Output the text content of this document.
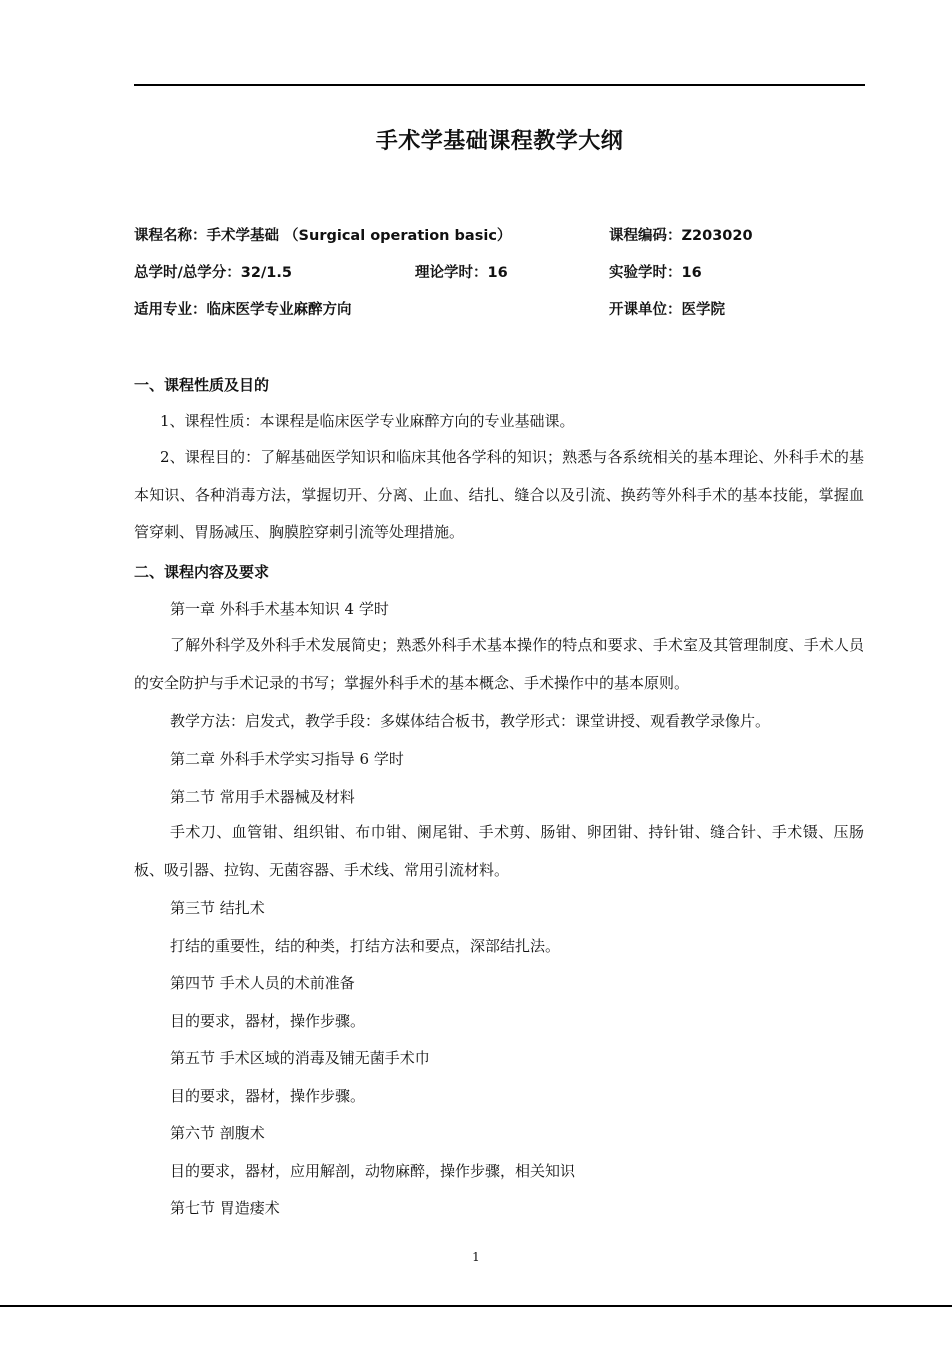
手术学基础课程教学大纲
课程名称：手术学基础 （Surgical operation basic）	课程编码：Z203020
总学时/总学分：32/1.5	理论学时：16	实验学时：16
适用专业：临床医学专业麻醉方向	开课单位：医学院
一、课程性质及目的
1、课程性质：本课程是临床医学专业麻醉方向的专业基础课。
2、课程目的：了解基础医学知识和临床其他各学科的知识；熟悉与各系统相关的基本理论、外科手术的基本知识、各种消毒方法，掌握切开、分离、止血、结扎、缝合以及引流、换药等外科手术的基本技能，掌握血管穿刺、胃肠减压、胸膜腔穿刺引流等处理措施。
二、课程内容及要求
第一章 外科手术基本知识 4 学时
了解外科学及外科手术发展简史；熟悉外科手术基本操作的特点和要求、手术室及其管理制度、手术人员的安全防护与手术记录的书写；掌握外科手术的基本概念、手术操作中的基本原则。
教学方法：启发式，教学手段：多媒体结合板书，教学形式：课堂讲授、观看教学录像片。
第二章 外科手术学实习指导 6 学时
第二节 常用手术器械及材料
手术刀、血管钳、组织钳、布巾钳、阑尾钳、手术剪、肠钳、卵团钳、持针钳、缝合针、手术镊、压肠板、吸引器、拉钩、无菌容器、手术线、常用引流材料。
第三节 结扎术
打结的重要性，结的种类，打结方法和要点，深部结扎法。
第四节 手术人员的术前准备
目的要求，器材，操作步骤。
第五节 手术区域的消毒及铺无菌手术巾
目的要求，器材，操作步骤。
第六节 剖腹术
目的要求，器材，应用解剖，动物麻醉，操作步骤，相关知识
第七节 胃造瘘术
1
